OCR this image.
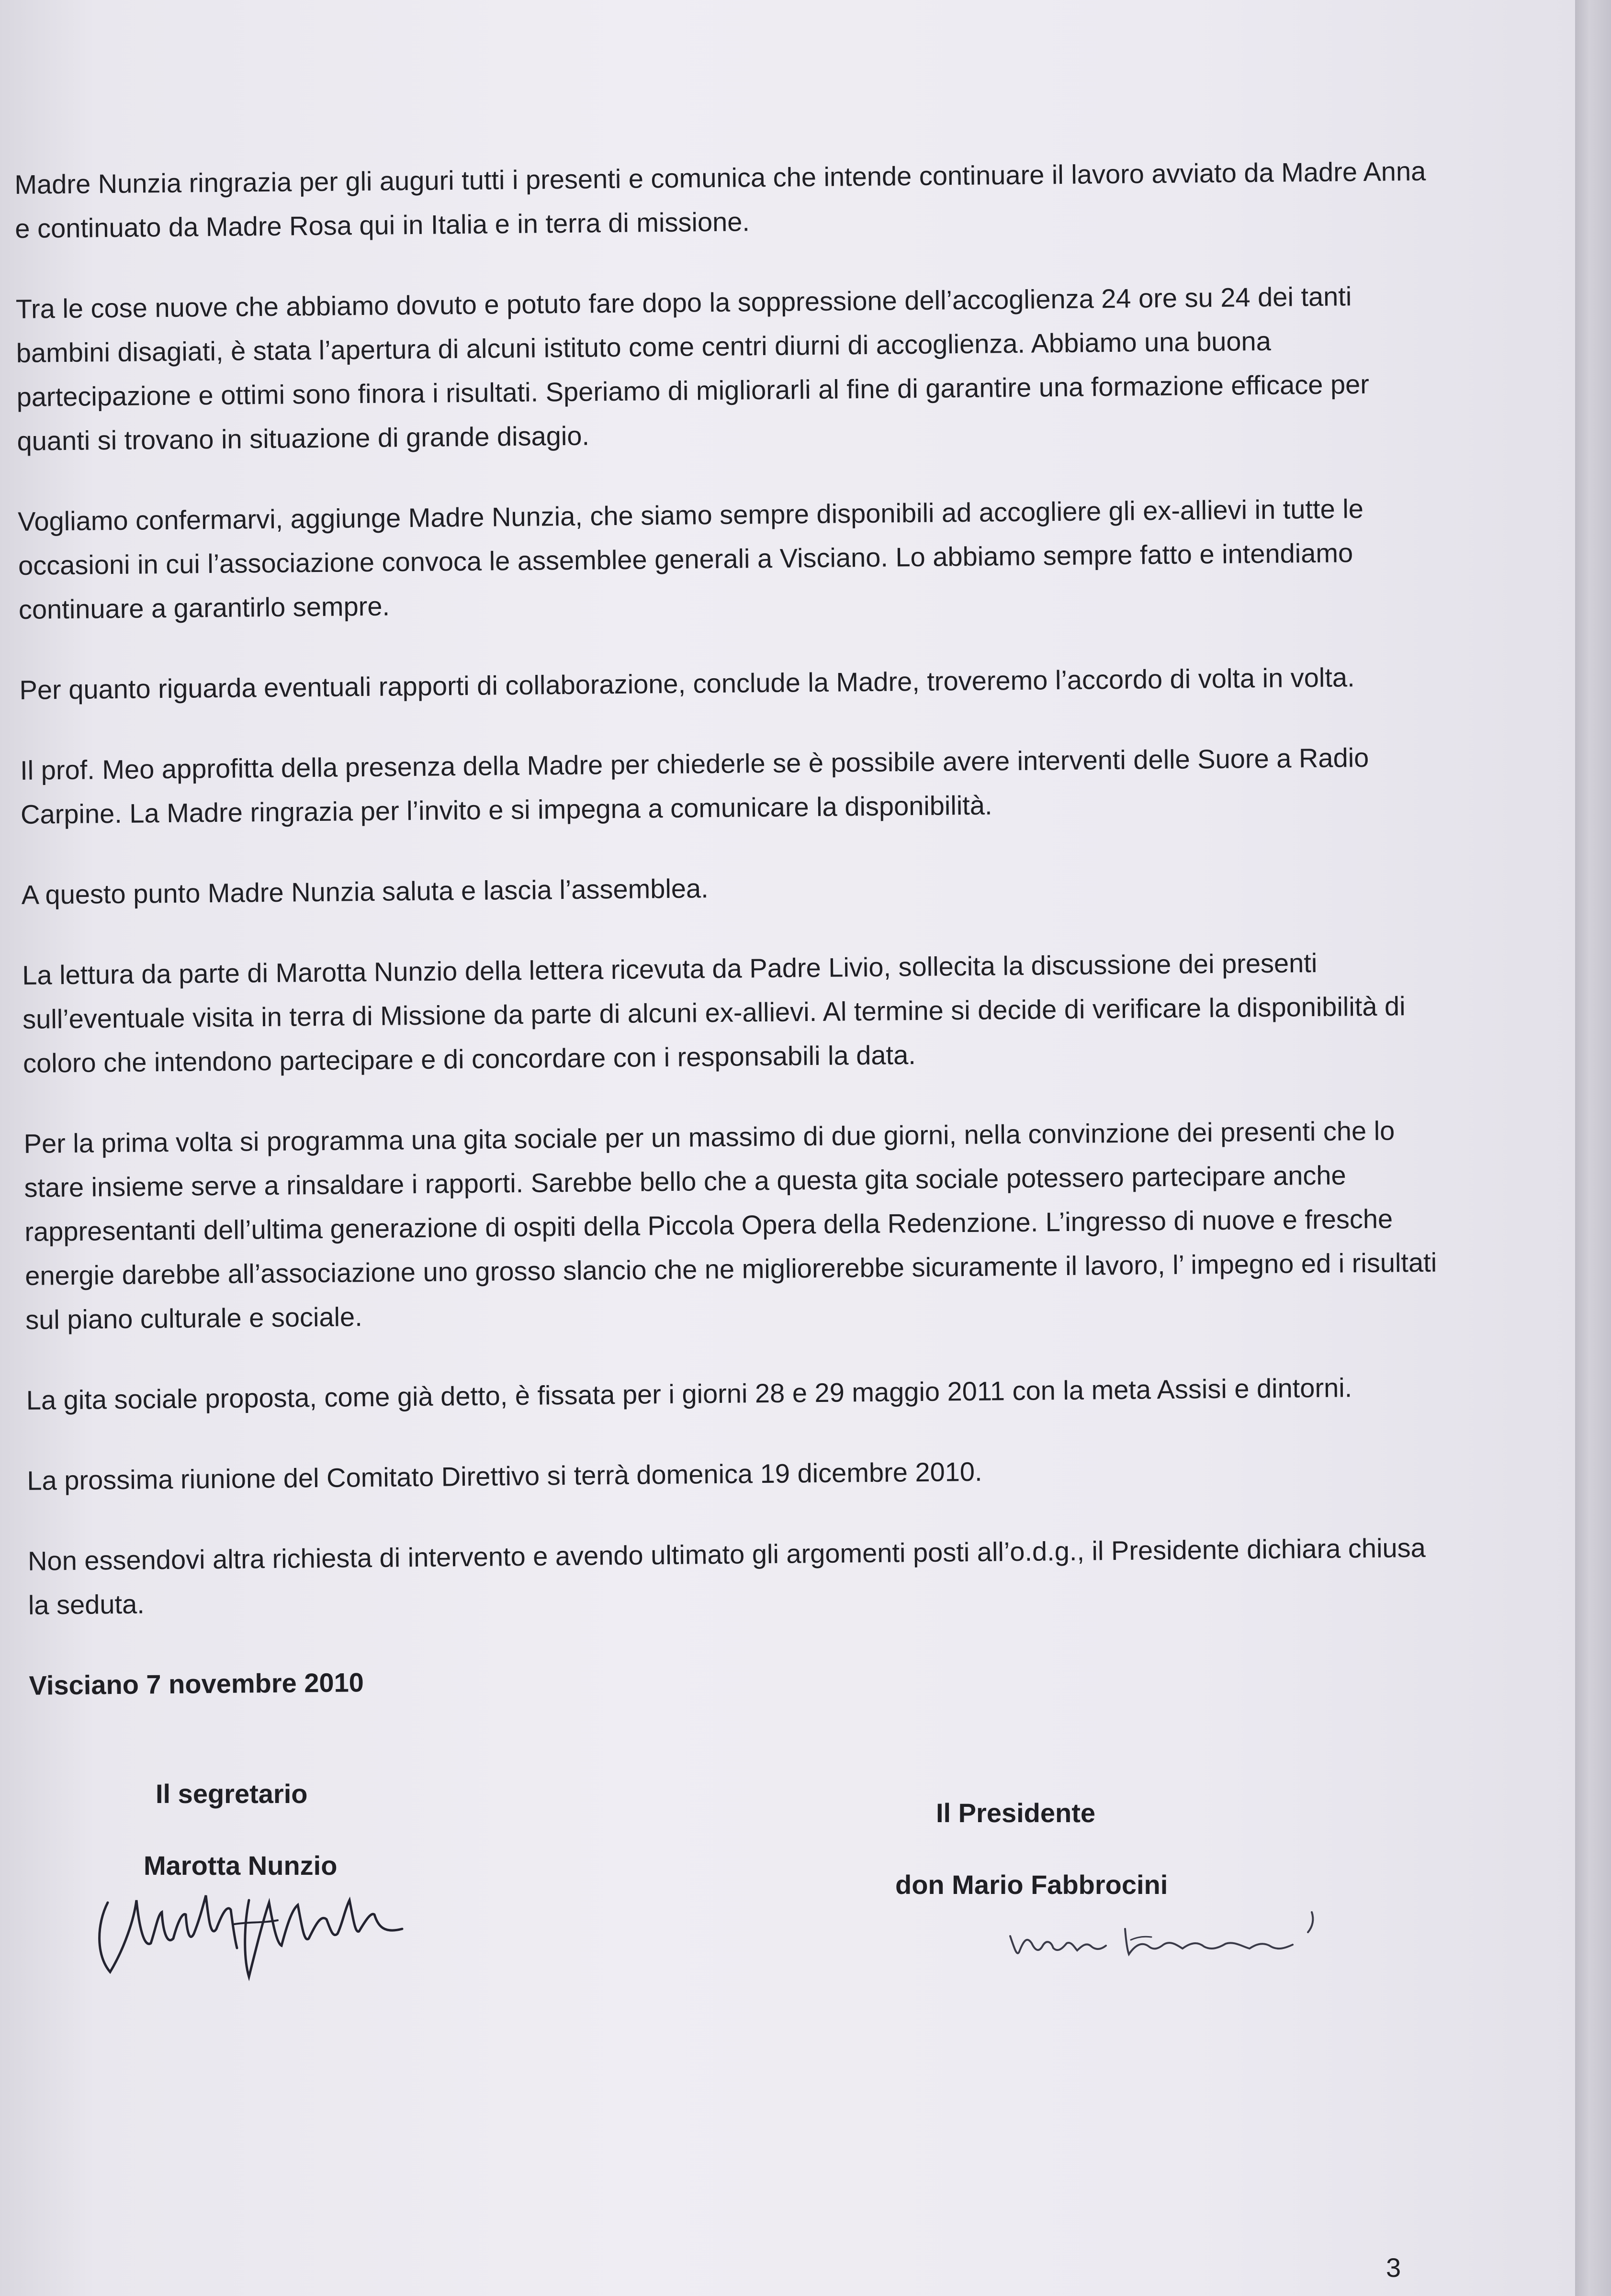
Madre Nunzia ringrazia per gli auguri tutti i presenti e comunica che intende continuare il lavoro avviato da Madre Anna e continuato da Madre Rosa qui in Italia e in terra di missione.

Tra le cose nuove che abbiamo dovuto e potuto fare dopo la soppressione dell’accoglienza 24 ore su 24 dei tanti bambini disagiati, è stata l’apertura di alcuni istituto come centri diurni di accoglienza. Abbiamo una buona partecipazione e ottimi sono finora i risultati. Speriamo di migliorarli al fine di garantire una formazione efficace per quanti si trovano in situazione di grande disagio.

Vogliamo confermarvi, aggiunge Madre Nunzia, che siamo sempre disponibili ad accogliere gli ex-allievi in tutte le occasioni in cui l’associazione convoca le assemblee generali a Visciano. Lo abbiamo sempre fatto e intendiamo continuare a garantirlo sempre.

Per quanto riguarda eventuali rapporti di collaborazione, conclude la Madre, troveremo l’accordo di volta in volta.

Il prof. Meo approfitta della presenza della Madre per chiederle se è possibile avere interventi delle Suore a Radio Carpine. La Madre ringrazia per l’invito e si impegna a comunicare la disponibilità.

A questo punto Madre Nunzia saluta e lascia l’assemblea.

La lettura da parte di Marotta Nunzio della lettera ricevuta da Padre Livio, sollecita la discussione dei presenti sull’eventuale visita in terra di Missione da parte di alcuni ex-allievi. Al termine si decide di verificare la disponibilità di coloro che intendono partecipare e di concordare con i responsabili la data.

Per la prima volta si programma una gita sociale per un massimo di due giorni, nella convinzione dei presenti che lo stare insieme serve a rinsaldare i rapporti. Sarebbe bello che a questa gita sociale potessero partecipare anche rappresentanti dell’ultima generazione di ospiti della Piccola Opera della Redenzione. L’ingresso di nuove e fresche energie darebbe all’associazione uno grosso slancio che ne migliorerebbe sicuramente il lavoro, l’ impegno ed i risultati sul piano culturale e sociale.

La gita sociale proposta, come già detto, è fissata per i giorni 28 e 29 maggio 2011 con la meta Assisi e dintorni.

La prossima riunione del Comitato Direttivo si terrà domenica 19 dicembre 2010.

Non essendovi altra richiesta di intervento e avendo ultimato gli argomenti posti all’o.d.g., il Presidente dichiara chiusa la seduta.

Visciano 7 novembre 2010

Il segretario
Marotta Nunzio
Il Presidente
don Mario Fabbrocini
3
